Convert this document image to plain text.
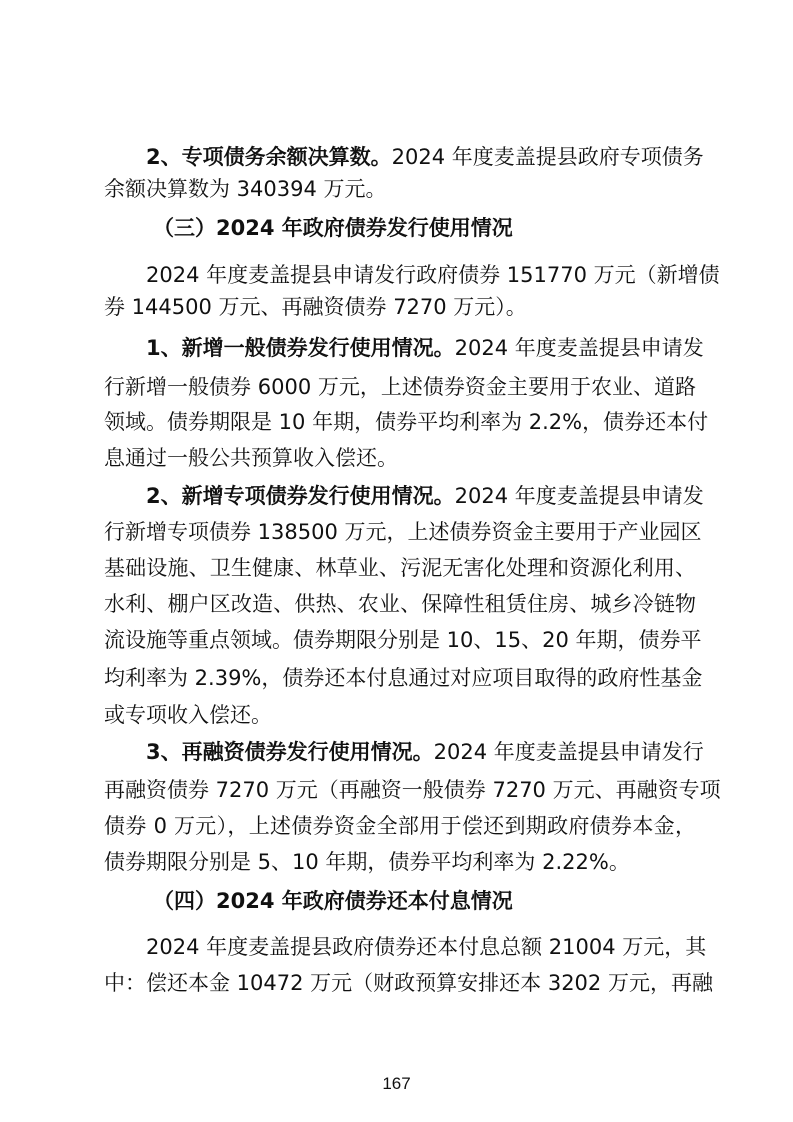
2、专项债务余额决算数。2024 年度麦盖提县政府专项债务
余额决算数为 340394 万元。
（三）2024 年政府债券发行使用情况
2024 年度麦盖提县申请发行政府债券 151770 万元（新增债
券 144500 万元、再融资债券 7270 万元）。
1、新增一般债券发行使用情况。2024 年度麦盖提县申请发
行新增一般债券 6000 万元，上述债券资金主要用于农业、道路
领域。债券期限是 10 年期，债券平均利率为 2.2%，债券还本付
息通过一般公共预算收入偿还。
2、新增专项债券发行使用情况。2024 年度麦盖提县申请发
行新增专项债券 138500 万元，上述债券资金主要用于产业园区
基础设施、卫生健康、林草业、污泥无害化处理和资源化利用、
水利、棚户区改造、供热、农业、保障性租赁住房、城乡冷链物
流设施等重点领域。债券期限分别是 10、15、20 年期，债券平
均利率为 2.39%，债券还本付息通过对应项目取得的政府性基金
或专项收入偿还。
3、再融资债券发行使用情况。2024 年度麦盖提县申请发行
再融资债券 7270 万元（再融资一般债券 7270 万元、再融资专项
债券 0 万元），上述债券资金全部用于偿还到期政府债券本金，
债券期限分别是 5、10 年期，债券平均利率为 2.22%。
（四）2024 年政府债券还本付息情况
2024 年度麦盖提县政府债券还本付息总额 21004 万元，其
中：偿还本金 10472 万元（财政预算安排还本 3202 万元，再融
167
